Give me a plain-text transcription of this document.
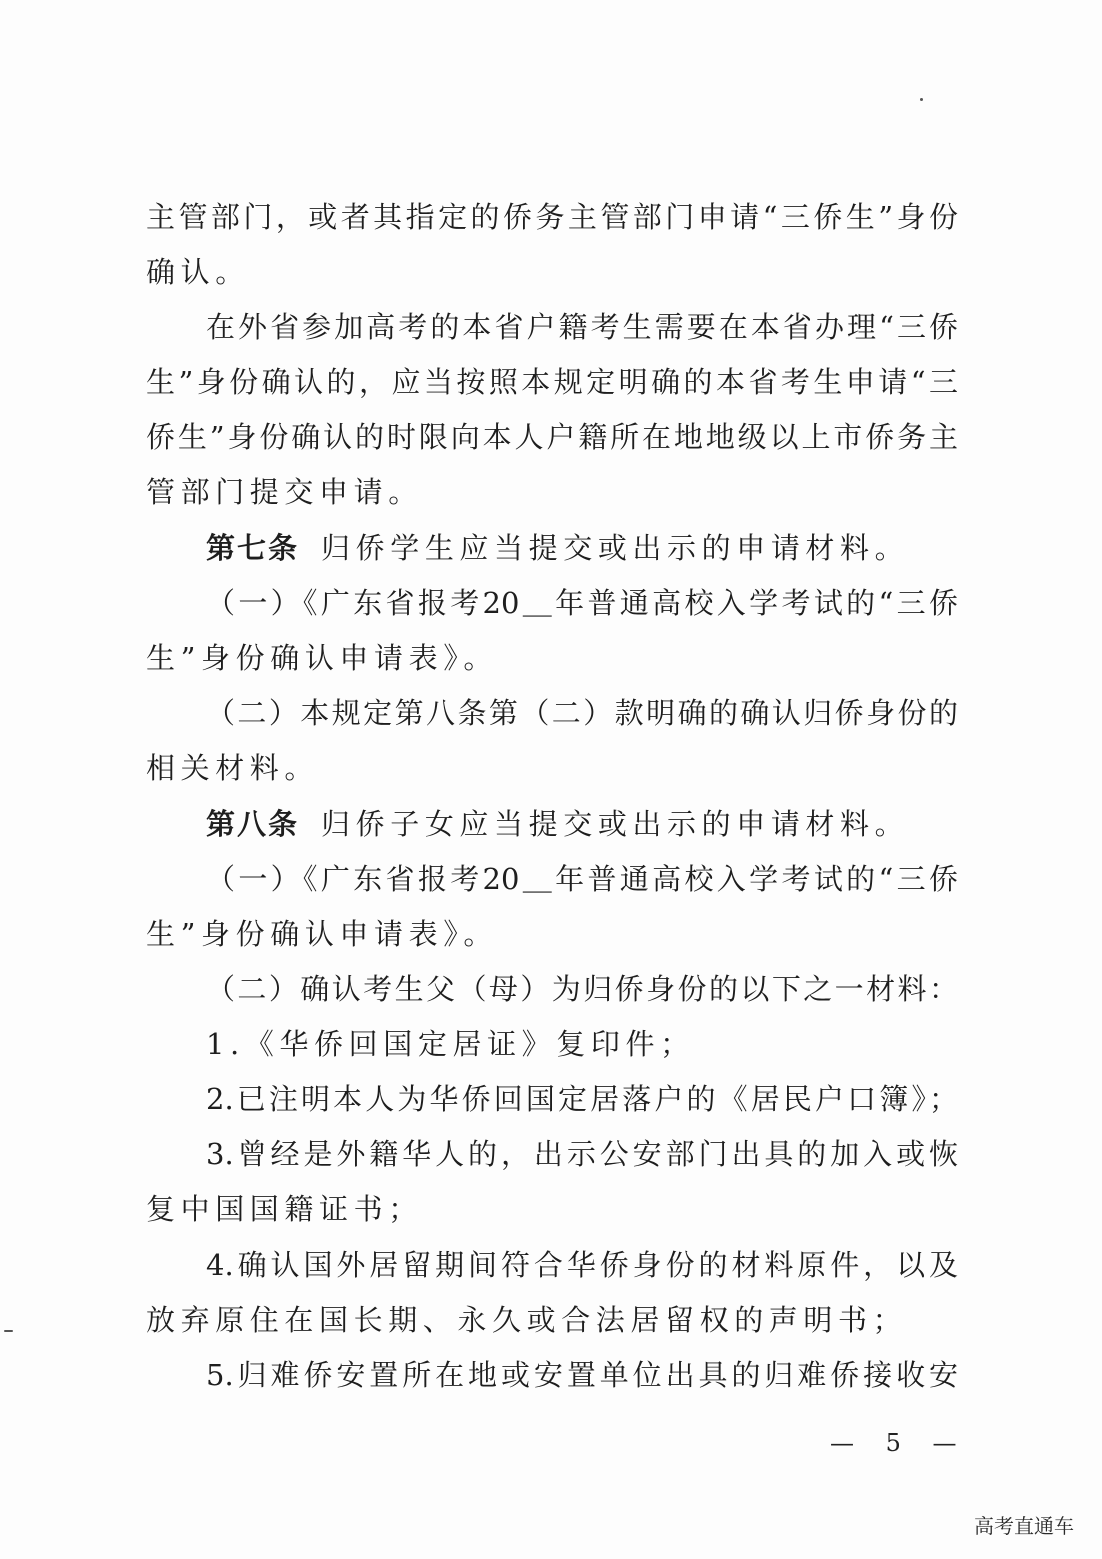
主管部门，或者其指定的侨务主管部门申请“三侨生”身份
确认。
在外省参加高考的本省户籍考生需要在本省办理“三侨
生”身份确认的，应当按照本规定明确的本省考生申请“三
侨生”身份确认的时限向本人户籍所在地地级以上市侨务主
管部门提交申请。
第七条 归侨学生应当提交或出示的申请材料。
（一）《广东省报考20＿年普通高校入学考试的“三侨
生”身份确认申请表》。
（二）本规定第八条第（二）款明确的确认归侨身份的
相关材料。
第八条 归侨子女应当提交或出示的申请材料。
（一）《广东省报考20＿年普通高校入学考试的“三侨
生”身份确认申请表》。
（二）确认考生父（母）为归侨身份的以下之一材料：
1.《华侨回国定居证》复印件；
2.已注明本人为华侨回国定居落户的《居民户口簿》；
3.曾经是外籍华人的，出示公安部门出具的加入或恢
复中国国籍证书；
4.确认国外居留期间符合华侨身份的材料原件，以及
放弃原住在国长期、永久或合法居留权的声明书；
5.归难侨安置所在地或安置单位出具的归难侨接收安
— 5 —
高考直通车
